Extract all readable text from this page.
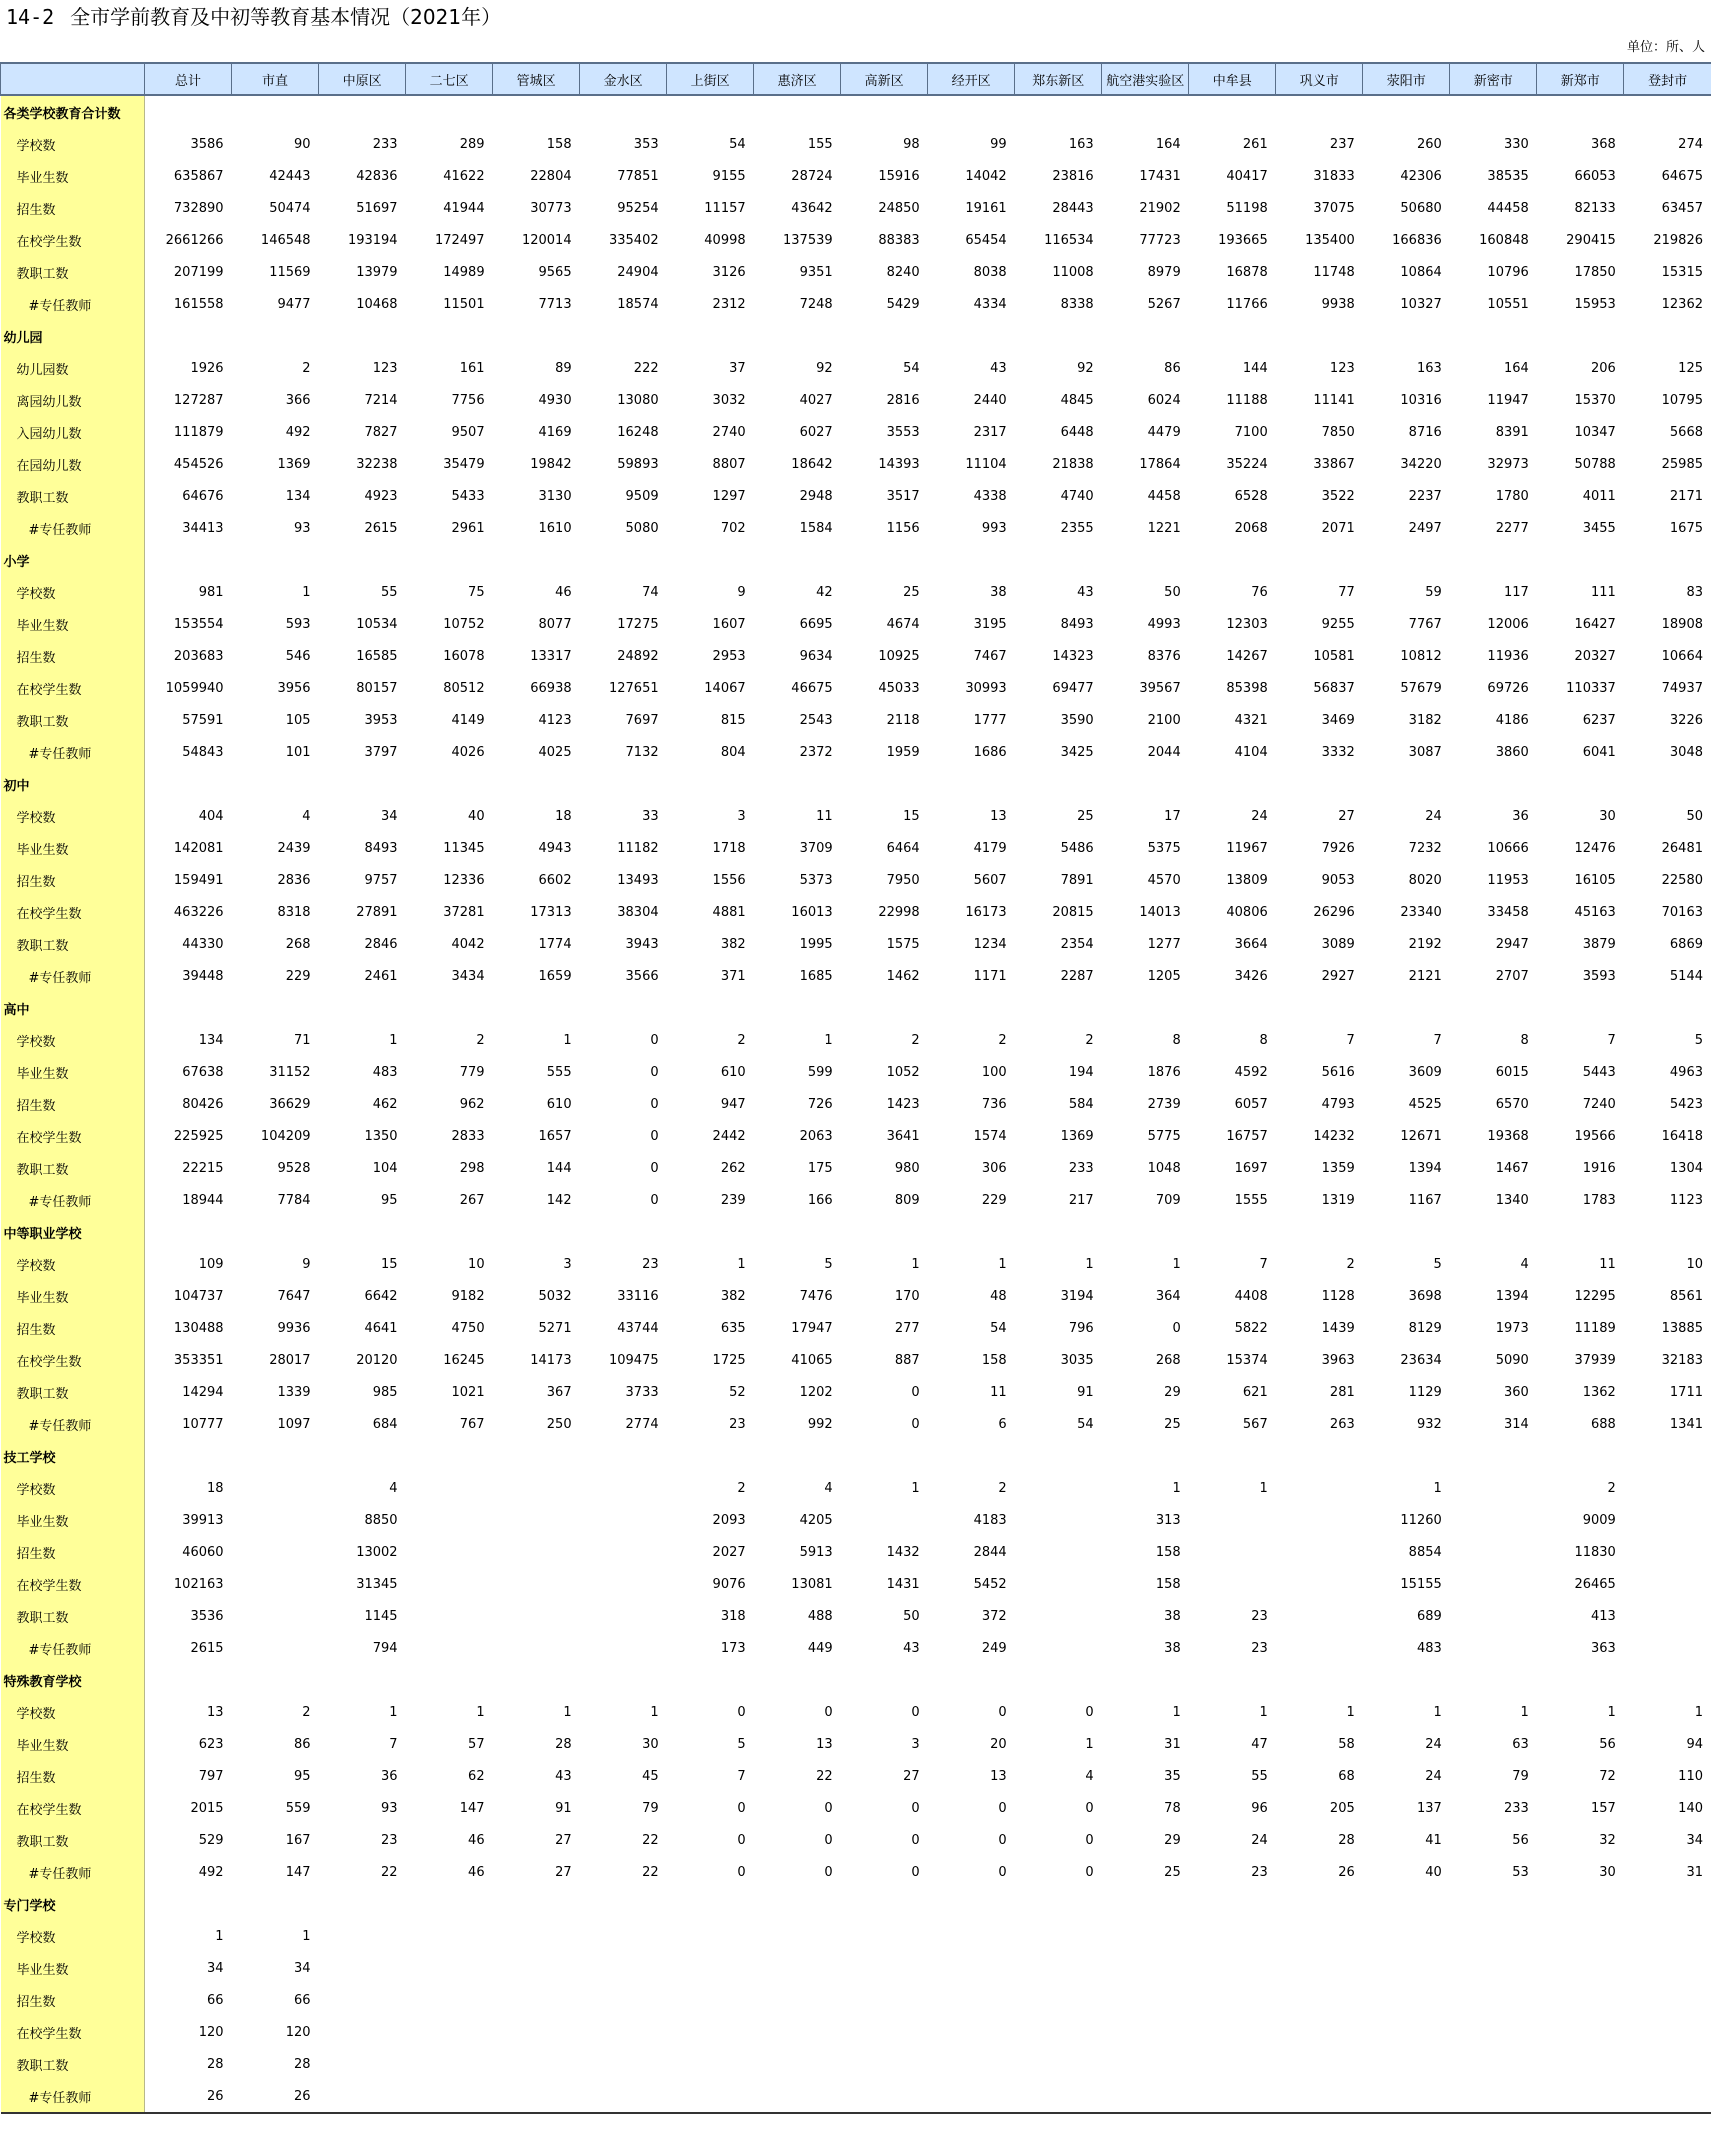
14-2 全市学前教育及中初等教育基本情况（2021年）
单位：所、人
	总计	市直	中原区	二七区	管城区	金水区	上街区	惠济区	高新区	经开区	郑东新区	航空港实验区	中牟县	巩义市	荥阳市	新密市	新郑市	登封市
各类学校教育合计数																		
学校数	3586	90	233	289	158	353	54	155	98	99	163	164	261	237	260	330	368	274
毕业生数	635867	42443	42836	41622	22804	77851	9155	28724	15916	14042	23816	17431	40417	31833	42306	38535	66053	64675
招生数	732890	50474	51697	41944	30773	95254	11157	43642	24850	19161	28443	21902	51198	37075	50680	44458	82133	63457
在校学生数	2661266	146548	193194	172497	120014	335402	40998	137539	88383	65454	116534	77723	193665	135400	166836	160848	290415	219826
教职工数	207199	11569	13979	14989	9565	24904	3126	9351	8240	8038	11008	8979	16878	11748	10864	10796	17850	15315
#专任教师	161558	9477	10468	11501	7713	18574	2312	7248	5429	4334	8338	5267	11766	9938	10327	10551	15953	12362
幼儿园																		
幼儿园数	1926	2	123	161	89	222	37	92	54	43	92	86	144	123	163	164	206	125
离园幼儿数	127287	366	7214	7756	4930	13080	3032	4027	2816	2440	4845	6024	11188	11141	10316	11947	15370	10795
入园幼儿数	111879	492	7827	9507	4169	16248	2740	6027	3553	2317	6448	4479	7100	7850	8716	8391	10347	5668
在园幼儿数	454526	1369	32238	35479	19842	59893	8807	18642	14393	11104	21838	17864	35224	33867	34220	32973	50788	25985
教职工数	64676	134	4923	5433	3130	9509	1297	2948	3517	4338	4740	4458	6528	3522	2237	1780	4011	2171
#专任教师	34413	93	2615	2961	1610	5080	702	1584	1156	993	2355	1221	2068	2071	2497	2277	3455	1675
小学																		
学校数	981	1	55	75	46	74	9	42	25	38	43	50	76	77	59	117	111	83
毕业生数	153554	593	10534	10752	8077	17275	1607	6695	4674	3195	8493	4993	12303	9255	7767	12006	16427	18908
招生数	203683	546	16585	16078	13317	24892	2953	9634	10925	7467	14323	8376	14267	10581	10812	11936	20327	10664
在校学生数	1059940	3956	80157	80512	66938	127651	14067	46675	45033	30993	69477	39567	85398	56837	57679	69726	110337	74937
教职工数	57591	105	3953	4149	4123	7697	815	2543	2118	1777	3590	2100	4321	3469	3182	4186	6237	3226
#专任教师	54843	101	3797	4026	4025	7132	804	2372	1959	1686	3425	2044	4104	3332	3087	3860	6041	3048
初中																		
学校数	404	4	34	40	18	33	3	11	15	13	25	17	24	27	24	36	30	50
毕业生数	142081	2439	8493	11345	4943	11182	1718	3709	6464	4179	5486	5375	11967	7926	7232	10666	12476	26481
招生数	159491	2836	9757	12336	6602	13493	1556	5373	7950	5607	7891	4570	13809	9053	8020	11953	16105	22580
在校学生数	463226	8318	27891	37281	17313	38304	4881	16013	22998	16173	20815	14013	40806	26296	23340	33458	45163	70163
教职工数	44330	268	2846	4042	1774	3943	382	1995	1575	1234	2354	1277	3664	3089	2192	2947	3879	6869
#专任教师	39448	229	2461	3434	1659	3566	371	1685	1462	1171	2287	1205	3426	2927	2121	2707	3593	5144
高中																		
学校数	134	71	1	2	1	0	2	1	2	2	2	8	8	7	7	8	7	5
毕业生数	67638	31152	483	779	555	0	610	599	1052	100	194	1876	4592	5616	3609	6015	5443	4963
招生数	80426	36629	462	962	610	0	947	726	1423	736	584	2739	6057	4793	4525	6570	7240	5423
在校学生数	225925	104209	1350	2833	1657	0	2442	2063	3641	1574	1369	5775	16757	14232	12671	19368	19566	16418
教职工数	22215	9528	104	298	144	0	262	175	980	306	233	1048	1697	1359	1394	1467	1916	1304
#专任教师	18944	7784	95	267	142	0	239	166	809	229	217	709	1555	1319	1167	1340	1783	1123
中等职业学校																		
学校数	109	9	15	10	3	23	1	5	1	1	1	1	7	2	5	4	11	10
毕业生数	104737	7647	6642	9182	5032	33116	382	7476	170	48	3194	364	4408	1128	3698	1394	12295	8561
招生数	130488	9936	4641	4750	5271	43744	635	17947	277	54	796	0	5822	1439	8129	1973	11189	13885
在校学生数	353351	28017	20120	16245	14173	109475	1725	41065	887	158	3035	268	15374	3963	23634	5090	37939	32183
教职工数	14294	1339	985	1021	367	3733	52	1202	0	11	91	29	621	281	1129	360	1362	1711
#专任教师	10777	1097	684	767	250	2774	23	992	0	6	54	25	567	263	932	314	688	1341
技工学校																		
学校数	18		4				2	4	1	2		1	1		1		2	
毕业生数	39913		8850				2093	4205		4183		313			11260		9009	
招生数	46060		13002				2027	5913	1432	2844		158			8854		11830	
在校学生数	102163		31345				9076	13081	1431	5452		158			15155		26465	
教职工数	3536		1145				318	488	50	372		38	23		689		413	
#专任教师	2615		794				173	449	43	249		38	23		483		363	
特殊教育学校																		
学校数	13	2	1	1	1	1	0	0	0	0	0	1	1	1	1	1	1	1
毕业生数	623	86	7	57	28	30	5	13	3	20	1	31	47	58	24	63	56	94
招生数	797	95	36	62	43	45	7	22	27	13	4	35	55	68	24	79	72	110
在校学生数	2015	559	93	147	91	79	0	0	0	0	0	78	96	205	137	233	157	140
教职工数	529	167	23	46	27	22	0	0	0	0	0	29	24	28	41	56	32	34
#专任教师	492	147	22	46	27	22	0	0	0	0	0	25	23	26	40	53	30	31
专门学校																		
学校数	1	1																
毕业生数	34	34																
招生数	66	66																
在校学生数	120	120																
教职工数	28	28																
#专任教师	26	26																
